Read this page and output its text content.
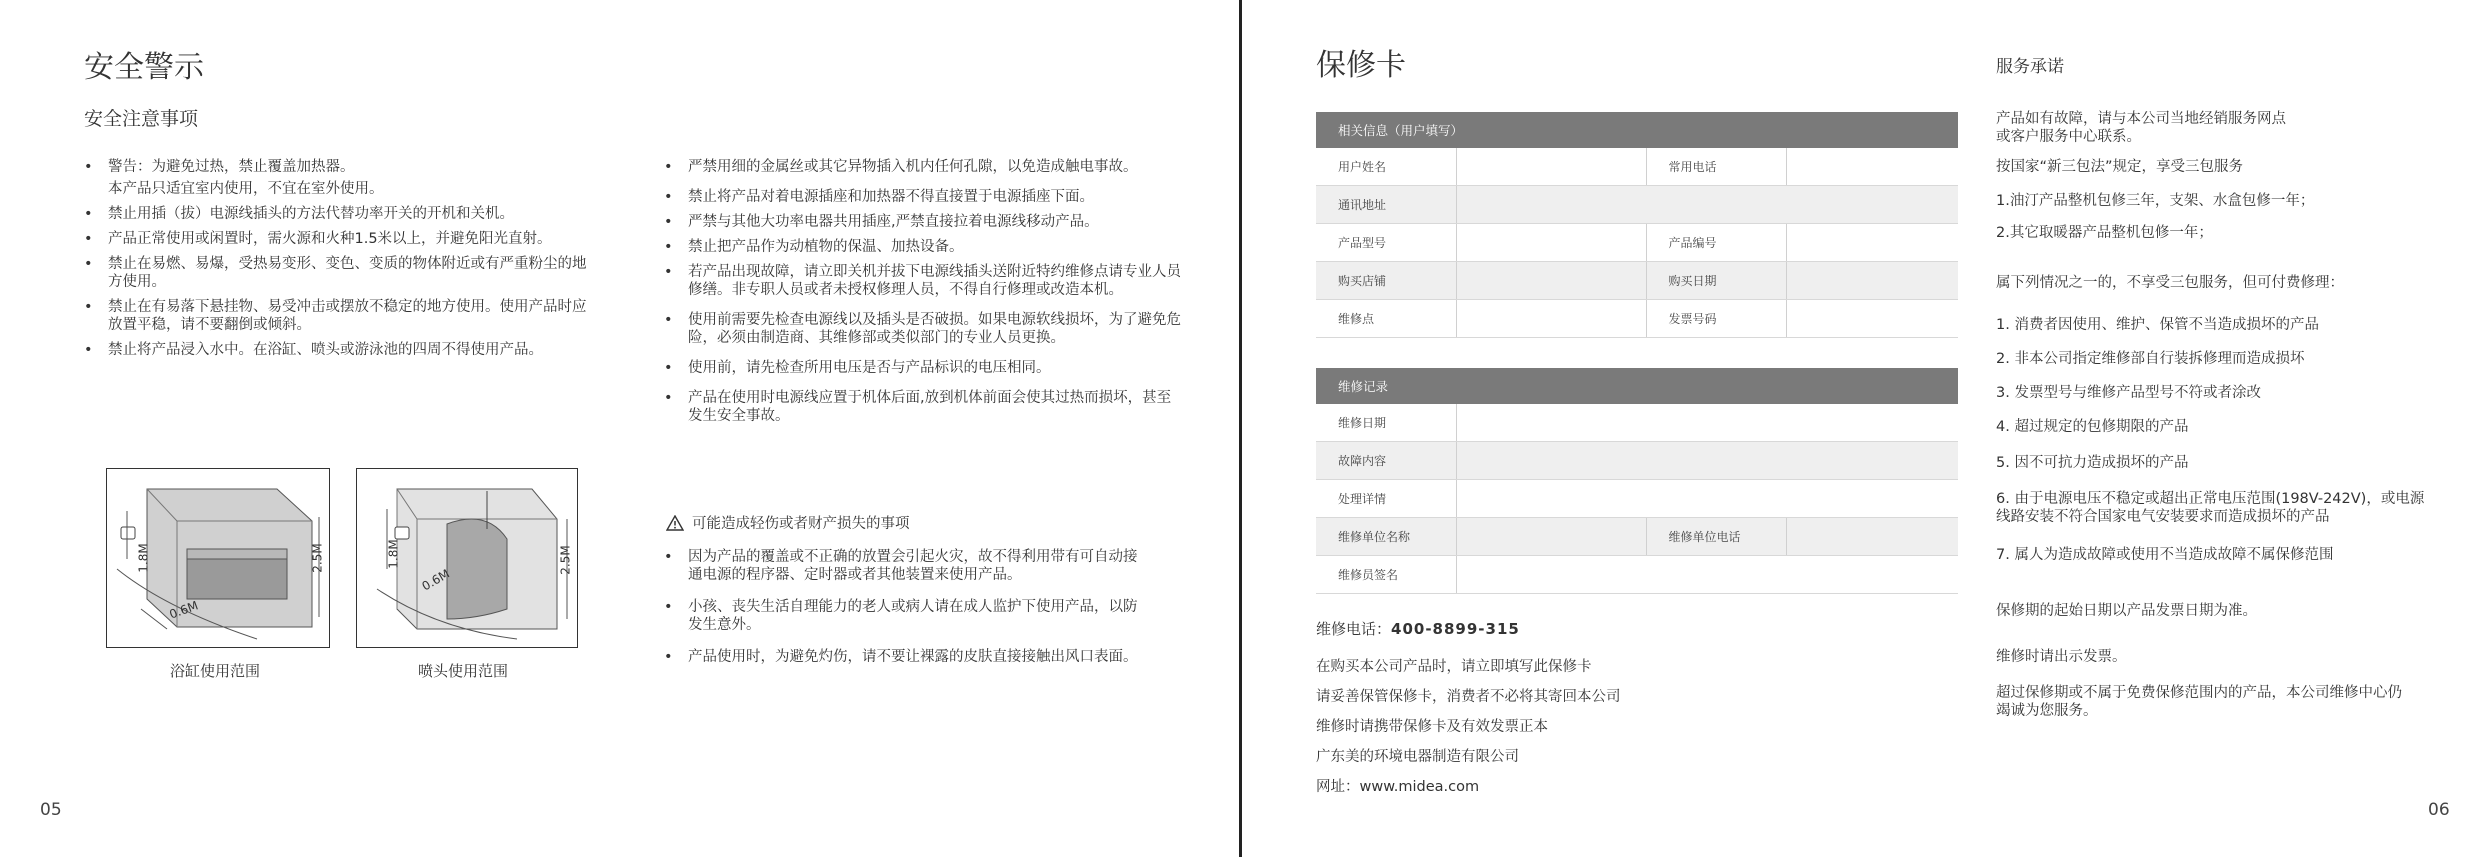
安全警示
安全注意事项
• 警告：为避免过热，禁止覆盖加热器。
本产品只适宜室内使用，不宜在室外使用。
• 禁止用插（拔）电源线插头的方法代替功率开关的开机和关机。
• 产品正常使用或闲置时，需火源和火种1.5米以上，并避免阳光直射。
• 禁止在易燃、易爆，受热易变形、变色、变质的物体附近或有严重粉尘的地方使用。
• 禁止在有易落下悬挂物、易受冲击或摆放不稳定的地方使用。使用产品时应放置平稳，请不要翻倒或倾斜。
• 禁止将产品浸入水中。在浴缸、喷头或游泳池的四周不得使用产品。
• 严禁用细的金属丝或其它异物插入机内任何孔隙，以免造成触电事故。
• 禁止将产品对着电源插座和加热器不得直接置于电源插座下面。
• 严禁与其他大功率电器共用插座,严禁直接拉着电源线移动产品。
• 禁止把产品作为动植物的保温、加热设备。
• 若产品出现故障，请立即关机并拔下电源线插头送附近特约维修点请专业人员修缮。非专职人员或者未授权修理人员，不得自行修理或改造本机。
• 使用前需要先检查电源线以及插头是否破损。如果电源软线损坏，为了避免危险，必须由制造商、其维修部或类似部门的专业人员更换。
• 使用前，请先检查所用电压是否与产品标识的电压相同。
• 产品在使用时电源线应置于机体后面,放到机体前面会使其过热而损坏，甚至发生安全事故。
1.8M	2.5M
0.6M
浴缸使用范围
1.8M	2.5M
0.6M
喷头使用范围
可能造成轻伤或者财产损失的事项
• 因为产品的覆盖或不正确的放置会引起火灾，故不得利用带有可自动接通电源的程序器、定时器或者其他装置来使用产品。
• 小孩、丧失生活自理能力的老人或病人请在成人监护下使用产品，以防发生意外。
• 产品使用时，为避免灼伤，请不要让裸露的皮肤直接接触出风口表面。
05
保修卡
相关信息（用户填写）			
用户姓名		常用电话	
通讯地址			
产品型号		产品编号	
购买店铺		购买日期	
维修点		发票号码	
维修记录			
维修日期			
故障内容			
处理详情			
维修单位名称		维修单位电话	
维修员签名			
维修电话：400-8899-315
在购买本公司产品时，请立即填写此保修卡
请妥善保管保修卡，消费者不必将其寄回本公司
维修时请携带保修卡及有效发票正本
广东美的环境电器制造有限公司
网址：www.midea.com
服务承诺
产品如有故障，请与本公司当地经销服务网点或客户服务中心联系。
按国家“新三包法”规定，享受三包服务
1.油汀产品整机包修三年，支架、水盒包修一年；
2.其它取暖器产品整机包修一年；
属下列情况之一的，不享受三包服务，但可付费修理：
1. 消费者因使用、维护、保管不当造成损坏的产品
2. 非本公司指定维修部自行装拆修理而造成损坏
3. 发票型号与维修产品型号不符或者涂改
4. 超过规定的包修期限的产品
5. 因不可抗力造成损坏的产品
6. 由于电源电压不稳定或超出正常电压范围(198V-242V)，或电源线路安装不符合国家电气安装要求而造成损坏的产品
7. 属人为造成故障或使用不当造成故障不属保修范围
保修期的起始日期以产品发票日期为准。
维修时请出示发票。
超过保修期或不属于免费保修范围内的产品，本公司维修中心仍竭诚为您服务。
06
